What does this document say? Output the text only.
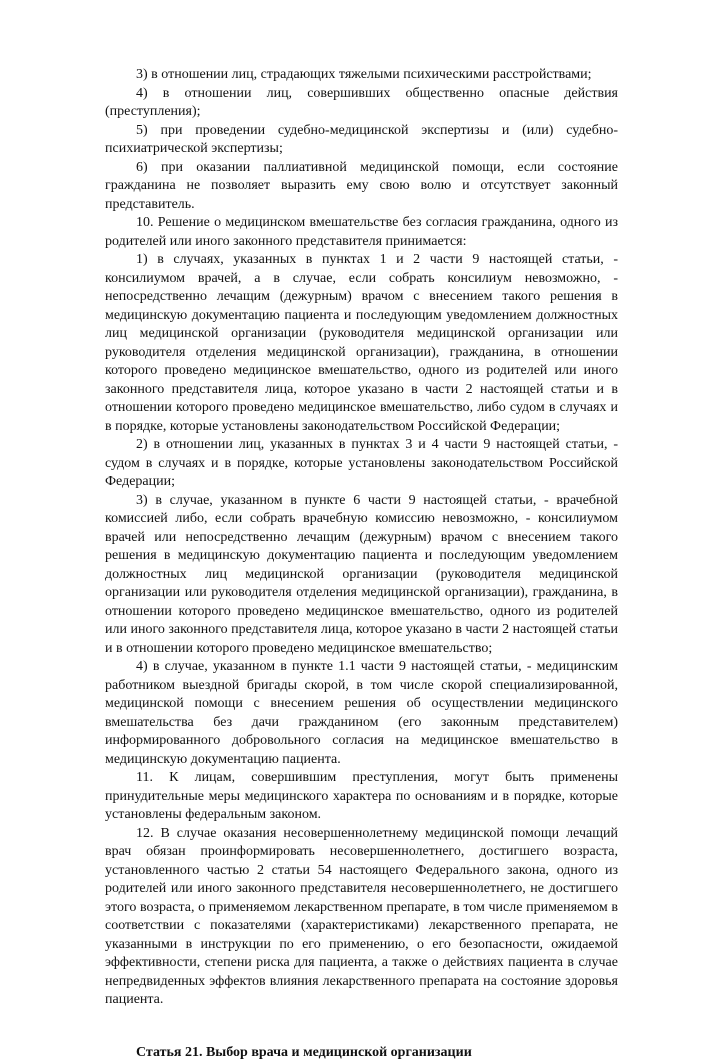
3) в отношении лиц, страдающих тяжелыми психическими расстройствами;

4) в отношении лиц, совершивших общественно опасные действия (преступления);

5) при проведении судебно-медицинской экспертизы и (или) судебно-психиатрической экспертизы;

6) при оказании паллиативной медицинской помощи, если состояние гражданина не позволяет выразить ему свою волю и отсутствует законный представитель.

10. Решение о медицинском вмешательстве без согласия гражданина, одного из родителей или иного законного представителя принимается:

1) в случаях, указанных в пунктах 1 и 2 части 9 настоящей статьи, - консилиумом врачей, а в случае, если собрать консилиум невозможно, - непосредственно лечащим (дежурным) врачом с внесением такого решения в медицинскую документацию пациента и последующим уведомлением должностных лиц медицинской организации (руководителя медицинской организации или руководителя отделения медицинской организации), гражданина, в отношении которого проведено медицинское вмешательство, одного из родителей или иного законного представителя лица, которое указано в части 2 настоящей статьи и в отношении которого проведено медицинское вмешательство, либо судом в случаях и в порядке, которые установлены законодательством Российской Федерации;

2) в отношении лиц, указанных в пунктах 3 и 4 части 9 настоящей статьи, - судом в случаях и в порядке, которые установлены законодательством Российской Федерации;

3) в случае, указанном в пункте 6 части 9 настоящей статьи, - врачебной комиссией либо, если собрать врачебную комиссию невозможно, - консилиумом врачей или непосредственно лечащим (дежурным) врачом с внесением такого решения в медицинскую документацию пациента и последующим уведомлением должностных лиц медицинской организации (руководителя медицинской организации или руководителя отделения медицинской организации), гражданина, в отношении которого проведено медицинское вмешательство, одного из родителей или иного законного представителя лица, которое указано в части 2 настоящей статьи и в отношении которого проведено медицинское вмешательство;

4) в случае, указанном в пункте 1.1 части 9 настоящей статьи, - медицинским работником выездной бригады скорой, в том числе скорой специализированной, медицинской помощи с внесением решения об осуществлении медицинского вмешательства без дачи гражданином (его законным представителем) информированного добровольного согласия на медицинское вмешательство в медицинскую документацию пациента.

11. К лицам, совершившим преступления, могут быть применены принудительные меры медицинского характера по основаниям и в порядке, которые установлены федеральным законом.

12. В случае оказания несовершеннолетнему медицинской помощи лечащий врач обязан проинформировать несовершеннолетнего, достигшего возраста, установленного частью 2 статьи 54 настоящего Федерального закона, одного из родителей или иного законного представителя несовершеннолетнего, не достигшего этого возраста, о применяемом лекарственном препарате, в том числе применяемом в соответствии с показателями (характеристиками) лекарственного препарата, не указанными в инструкции по его применению, о его безопасности, ожидаемой эффективности, степени риска для пациента, а также о действиях пациента в случае непредвиденных эффектов влияния лекарственного препарата на состояние здоровья пациента.

Статья 21. Выбор врача и медицинской организации
